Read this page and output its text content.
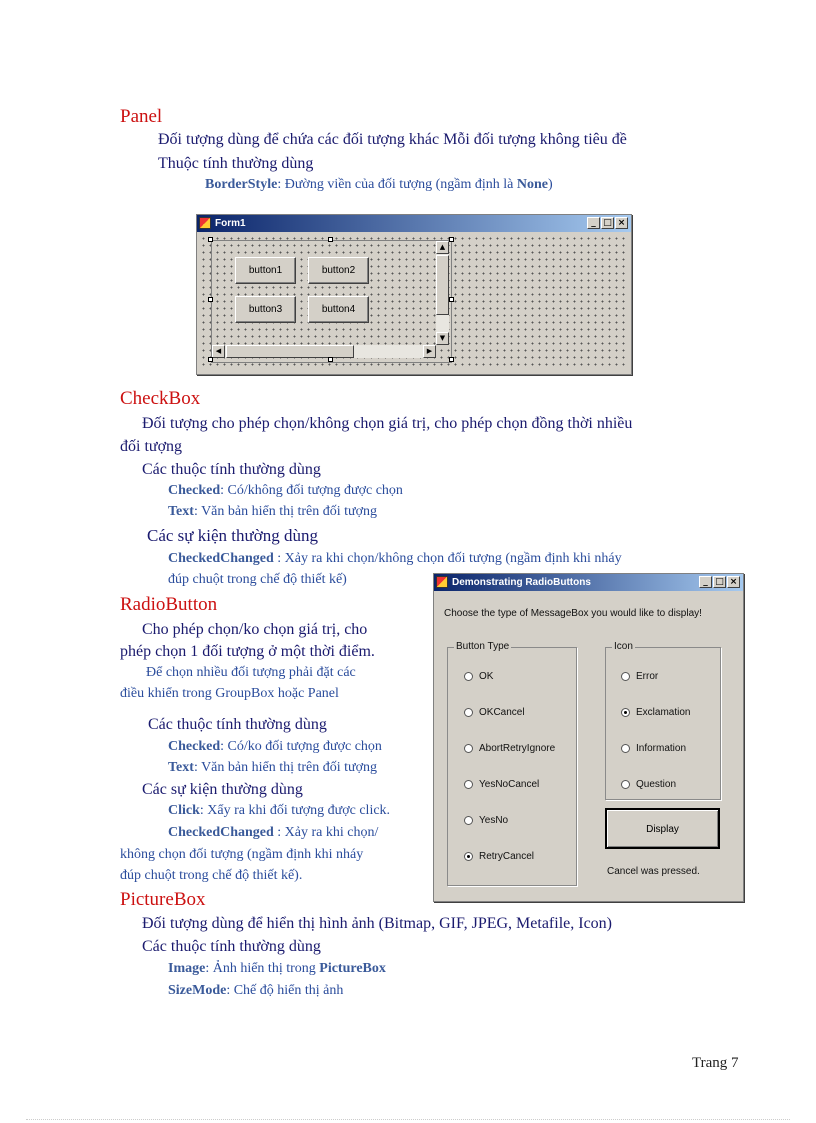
Panel
Đối tượng dùng để chứa các đối tượng khác Mỗi đối tượng không tiêu đề
Thuộc tính thường dùng
BorderStyle: Đường viền của đối tượng (ngầm định là None)
Form1	_ □ ×
button1	button2
button3	button4
▲
▼
◀	▶
CheckBox
Đối tượng cho phép chọn/không chọn giá trị, cho phép chọn đồng thời nhiều
đối tượng
Các thuộc tính thường dùng
Checked: Có/không đối tượng được chọn
Text: Văn bản hiển thị trên đối tượng
Các sự kiện thường dùng
CheckedChanged : Xảy ra khi chọn/không chọn đối tượng (ngầm định khi nháy
đúp chuột trong chế độ thiết kế)
RadioButton
Cho phép chọn/ko chọn giá trị, cho
phép chọn 1 đối tượng ở một thời điểm.
Để chọn nhiều đối tượng phải đặt các
điều khiển trong GroupBox hoặc Panel
Các thuộc tính thường dùng
Checked: Có/ko đối tượng được chọn
Text: Văn bản hiển thị trên đối tượng
Các sự kiện thường dùng
Click: Xẩy ra khi đối tượng được click.
CheckedChanged : Xảy ra khi chọn/
không chọn đối tượng (ngầm định khi nháy
đúp chuột trong chế độ thiết kế).
Demonstrating RadioButtons	_ □ ×
Choose the type of MessageBox you would like to display!
Button Type
OK
OKCancel
AbortRetryIgnore
YesNoCancel
YesNo
RetryCancel
Icon
Error
Exclamation
Information
Question
Display
Cancel was pressed.
PictureBox
Đối tượng dùng để hiển thị hình ảnh (Bitmap, GIF, JPEG, Metafile, Icon)
Các thuộc tính thường dùng
Image: Ảnh hiển thị trong PictureBox
SizeMode: Chế độ hiển thị ảnh
Trang 7
